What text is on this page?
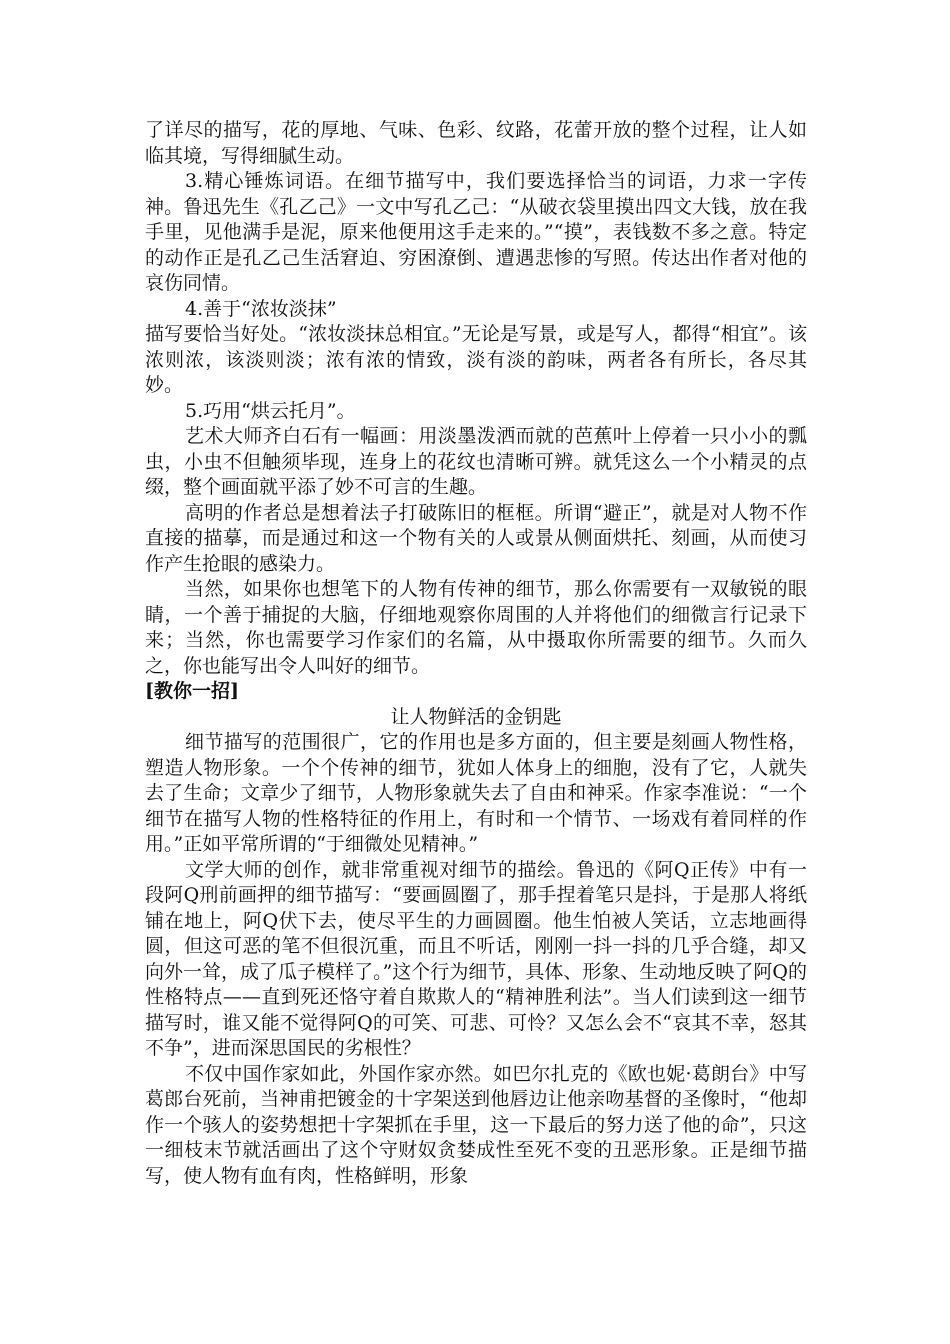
了详尽的描写，花的厚地、气味、色彩、纹路，花蕾开放的整个过程，让人如临其境，写得细腻生动。

3.精心锤炼词语。在细节描写中，我们要选择恰当的词语，力求一字传神。鲁迅先生《孔乙己》一文中写孔乙己：“从破衣袋里摸出四文大钱，放在我手里，见他满手是泥，原来他便用这手走来的。”“摸”，表钱数不多之意。特定的动作正是孔乙己生活窘迫、穷困潦倒、遭遇悲惨的写照。传达出作者对他的哀伤同情。

4.善于“浓妆淡抹”

描写要恰当好处。“浓妆淡抹总相宜。”无论是写景，或是写人，都得“相宜”。该浓则浓，该淡则淡；浓有浓的情致，淡有淡的韵味，两者各有所长，各尽其妙。

5.巧用“烘云托月”。

艺术大师齐白石有一幅画：用淡墨泼洒而就的芭蕉叶上停着一只小小的瓢虫，小虫不但触须毕现，连身上的花纹也清晰可辨。就凭这么一个小精灵的点缀，整个画面就平添了妙不可言的生趣。

高明的作者总是想着法子打破陈旧的框框。所谓“避正”，就是对人物不作直接的描摹，而是通过和这一个物有关的人或景从侧面烘托、刻画，从而使习作产生抢眼的感染力。

当然，如果你也想笔下的人物有传神的细节，那么你需要有一双敏锐的眼睛，一个善于捕捉的大脑，仔细地观察你周围的人并将他们的细微言行记录下来；当然，你也需要学习作家们的名篇，从中摄取你所需要的细节。久而久之，你也能写出令人叫好的细节。

[教你一招]

让人物鲜活的金钥匙

细节描写的范围很广，它的作用也是多方面的，但主要是刻画人物性格，塑造人物形象。一个个传神的细节，犹如人体身上的细胞，没有了它，人就失去了生命；文章少了细节，人物形象就失去了自由和神采。作家李准说：“一个细节在描写人物的性格特征的作用上，有时和一个情节、一场戏有着同样的作用。”正如平常所谓的“于细微处见精神。”

文学大师的创作，就非常重视对细节的描绘。鲁迅的《阿Q正传》中有一段阿Q刑前画押的细节描写：“要画圆圈了，那手捏着笔只是抖，于是那人将纸铺在地上，阿Q伏下去，使尽平生的力画圆圈。他生怕被人笑话，立志地画得圆，但这可恶的笔不但很沉重，而且不听话，刚刚一抖一抖的几乎合缝，却又向外一耸，成了瓜子模样了。”这个行为细节，具体、形象、生动地反映了阿Q的性格特点——直到死还恪守着自欺欺人的“精神胜利法”。当人们读到这一细节描写时，谁又能不觉得阿Q的可笑、可悲、可怜？又怎么会不“哀其不幸，怒其不争”，进而深思国民的劣根性？

不仅中国作家如此，外国作家亦然。如巴尔扎克的《欧也妮·葛朗台》中写葛郎台死前，当神甫把镀金的十字架送到他唇边让他亲吻基督的圣像时，“他却作一个骇人的姿势想把十字架抓在手里，这一下最后的努力送了他的命”，只这一细枝末节就活画出了这个守财奴贪婪成性至死不变的丑恶形象。正是细节描写，使人物有血有肉，性格鲜明，形象
